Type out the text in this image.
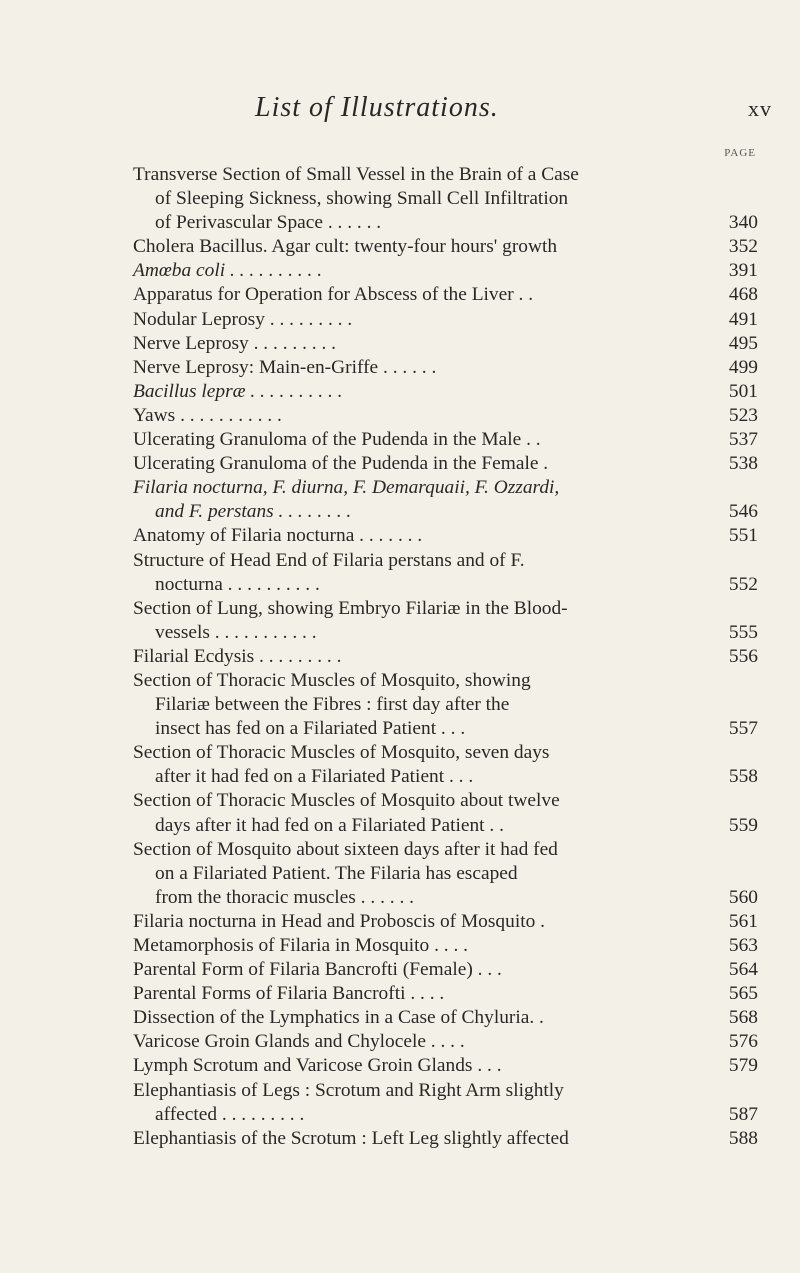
List of Illustrations.	xv
PAGE
Transverse Section of Small Vessel in the Brain of a Case
of Sleeping Sickness, showing Small Cell Infiltration
of Perivascular Space . . . . . .	340
Cholera Bacillus. Agar cult: twenty-four hours' growth	352
Amœba coli . . . . . . . . . .	391
Apparatus for Operation for Abscess of the Liver . .	468
Nodular Leprosy . . . . . . . . .	491
Nerve Leprosy . . . . . . . . .	495
Nerve Leprosy: Main-en-Griffe . . . . . .	499
Bacillus lepræ . . . . . . . . . .	501
Yaws . . . . . . . . . . .	523
Ulcerating Granuloma of the Pudenda in the Male . .	537
Ulcerating Granuloma of the Pudenda in the Female .	538
Filaria nocturna, F. diurna, F. Demarquaii, F. Ozzardi,
and F. perstans . . . . . . . .	546
Anatomy of Filaria nocturna . . . . . . .	551
Structure of Head End of Filaria perstans and of F.
nocturna . . . . . . . . . .	552
Section of Lung, showing Embryo Filariæ in the Blood-
vessels . . . . . . . . . . .	555
Filarial Ecdysis . . . . . . . . .	556
Section of Thoracic Muscles of Mosquito, showing
Filariæ between the Fibres : first day after the
insect has fed on a Filariated Patient . . .	557
Section of Thoracic Muscles of Mosquito, seven days
after it had fed on a Filariated Patient . . .	558
Section of Thoracic Muscles of Mosquito about twelve
days after it had fed on a Filariated Patient . .	559
Section of Mosquito about sixteen days after it had fed
on a Filariated Patient. The Filaria has escaped
from the thoracic muscles . . . . . .	560
Filaria nocturna in Head and Proboscis of Mosquito .	561
Metamorphosis of Filaria in Mosquito . . . .	563
Parental Form of Filaria Bancrofti (Female) . . .	564
Parental Forms of Filaria Bancrofti . . . .	565
Dissection of the Lymphatics in a Case of Chyluria. .	568
Varicose Groin Glands and Chylocele . . . .	576
Lymph Scrotum and Varicose Groin Glands . . .	579
Elephantiasis of Legs : Scrotum and Right Arm slightly
affected . . . . . . . . .	587
Elephantiasis of the Scrotum : Left Leg slightly affected	588
